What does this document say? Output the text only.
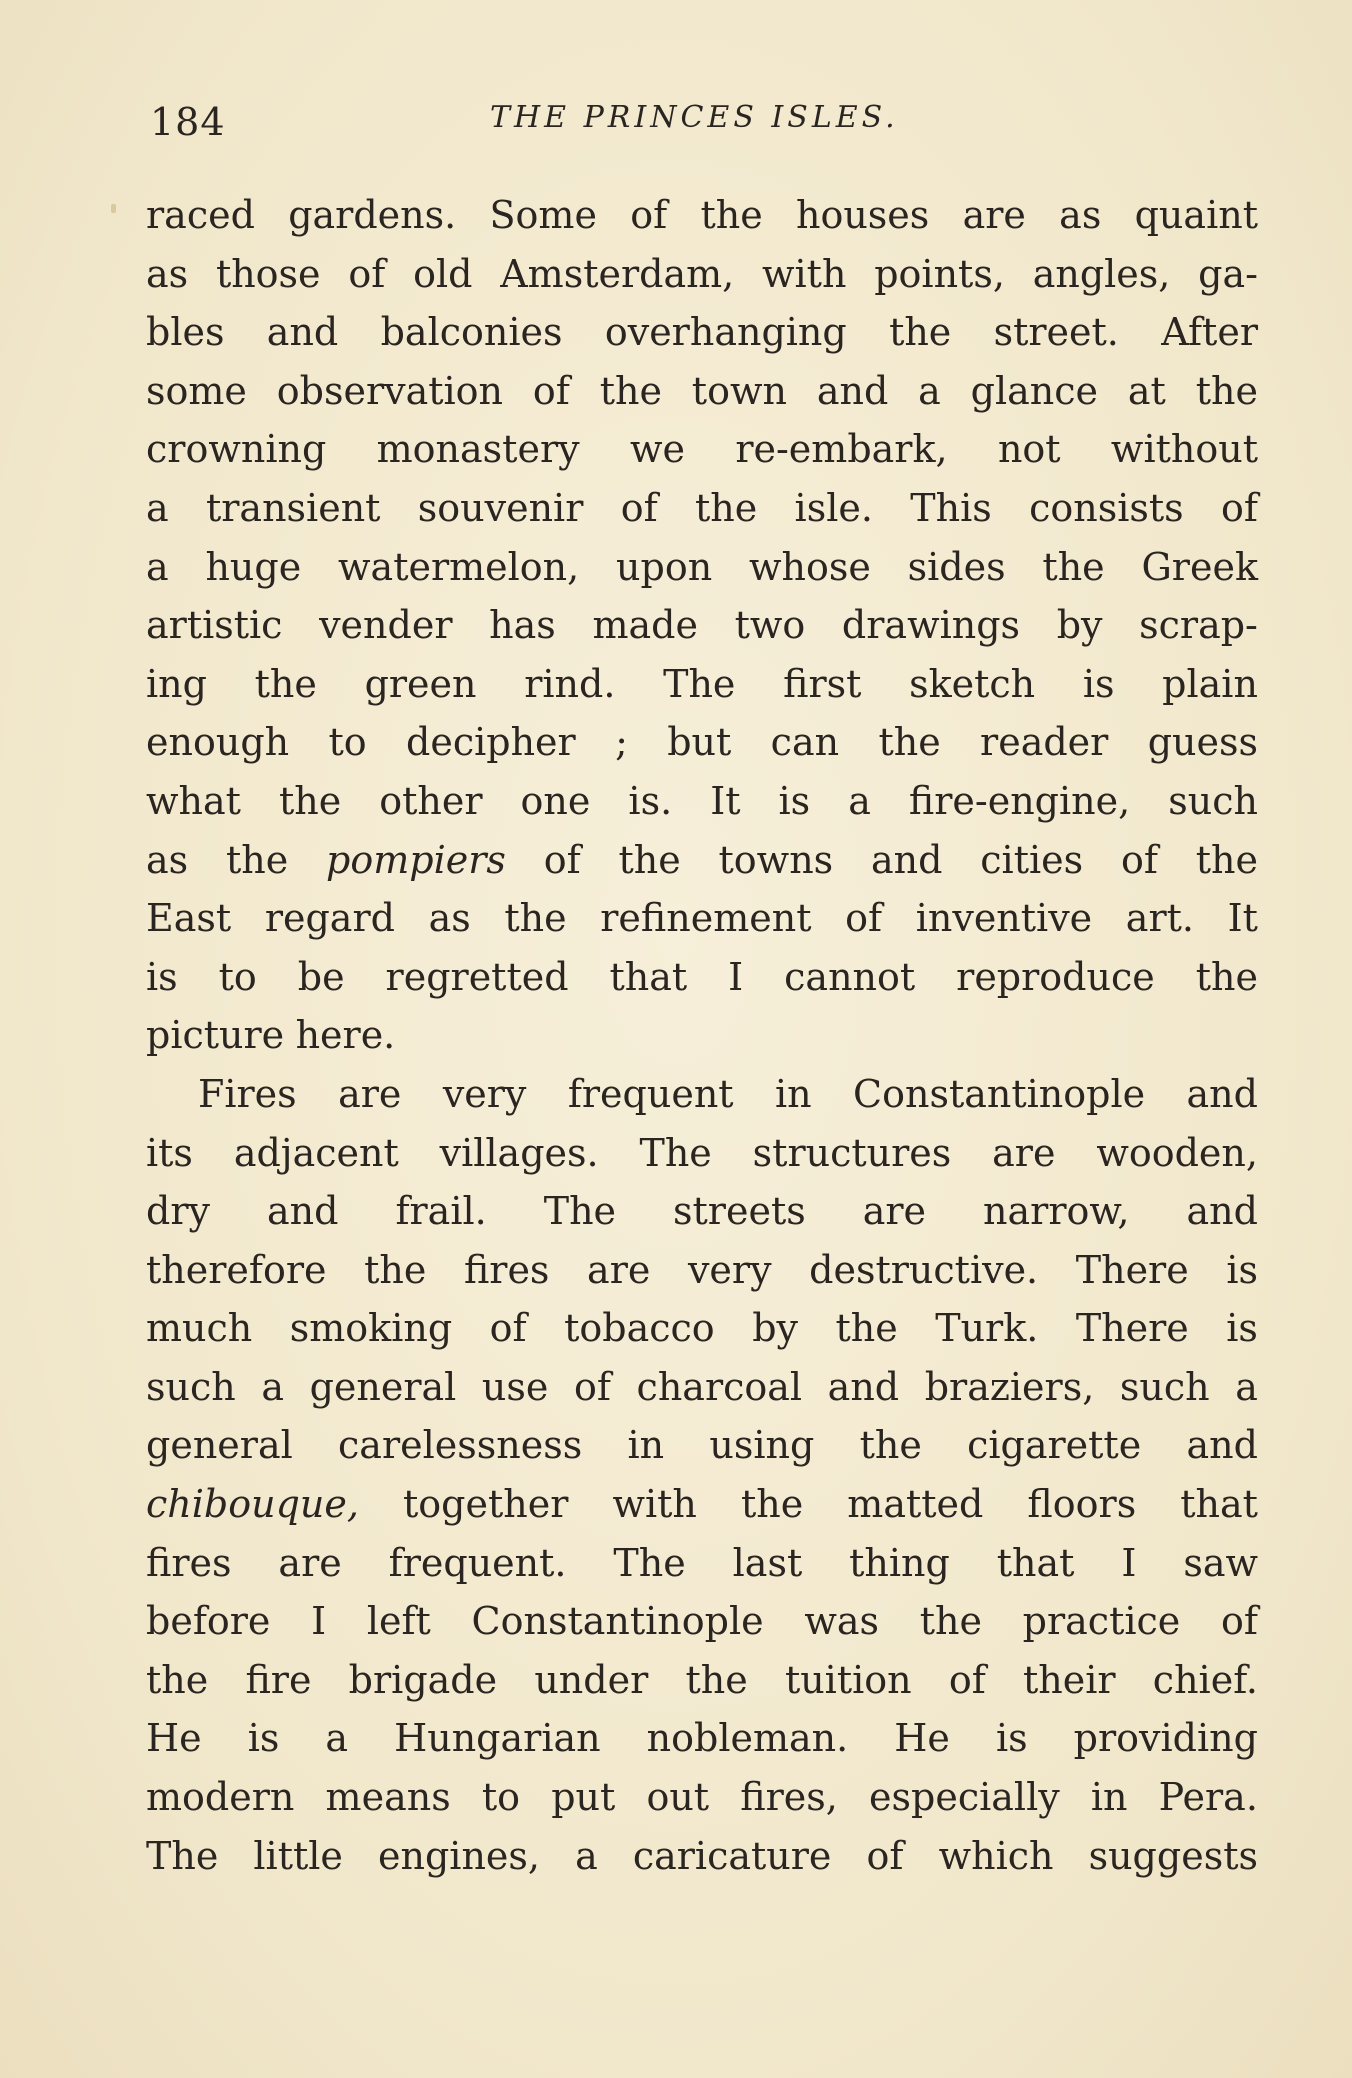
184	THE PRINCES ISLES.
raced gardens. Some of the houses are as quaint
as those of old Amsterdam, with points, angles, ga-
bles and balconies overhanging the street. After
some observation of the town and a glance at the
crowning monastery we re-embark, not without
a transient souvenir of the isle. This consists of
a huge watermelon, upon whose sides the Greek
artistic vender has made two drawings by scrap-
ing the green rind. The first sketch is plain
enough to decipher ; but can the reader guess
what the other one is. It is a fire-engine, such
as the pompiers of the towns and cities of the
East regard as the refinement of inventive art. It
is to be regretted that I cannot reproduce the
picture here.
Fires are very frequent in Constantinople and
its adjacent villages. The structures are wooden,
dry and frail. The streets are narrow, and
therefore the fires are very destructive. There is
much smoking of tobacco by the Turk. There is
such a general use of charcoal and braziers, such a
general carelessness in using the cigarette and
chibouque, together with the matted floors that
fires are frequent. The last thing that I saw
before I left Constantinople was the practice of
the fire brigade under the tuition of their chief.
He is a Hungarian nobleman. He is providing
modern means to put out fires, especially in Pera.
The little engines, a caricature of which suggests
